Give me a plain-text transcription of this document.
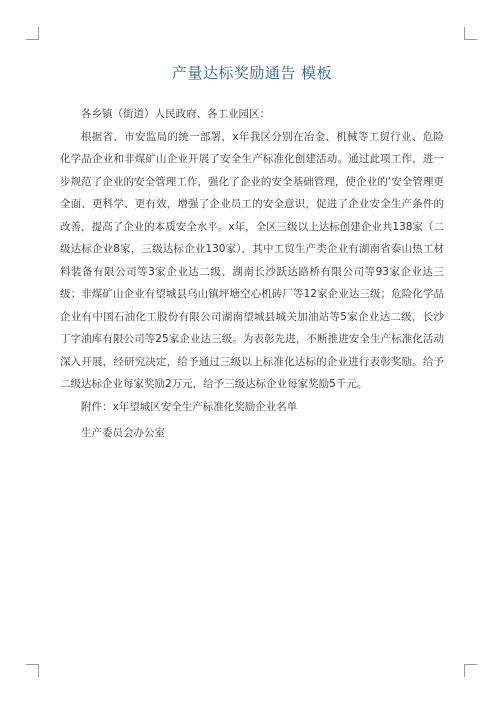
产量达标奖励通告 模板

各乡镇（街道）人民政府、各工业园区：

根据省、市安监局的统一部署，x年我区分别在冶金、机械等工贸行业、危险化学品企业和非煤矿山企业开展了安全生产标准化创建活动。通过此项工作，进一步规范了企业的安全管理工作，强化了企业的安全基础管理，使企业的‘安全管理更全面、更科学、更有效，增强了企业员工的安全意识，促进了企业安全生产条件的改善，提高了企业的本质安全水平。x年，全区三级以上达标创建企业共138家（二级达标企业8家，三级达标企业130家），其中工贸生产类企业有湖南省泰山热工材料装备有限公司等3家企业达二级、湖南长沙跃达路桥有限公司等93家企业达三级；非煤矿山企业有望城县乌山镇坪塘空心机砖厂等12家企业达三级；危险化学品企业有中国石油化工股份有限公司湖南望城县城关加油站等5家企业达二级，长沙丁字油库有限公司等25家企业达三级。为表彰先进，不断推进安全生产标准化活动深入开展，经研究决定，给予通过三级以上标准化达标的企业进行表彰奖励。给予二级达标企业每家奖励2万元，给予三级达标企业每家奖励5千元。

附件：x年望城区安全生产标准化奖励企业名单

生产委员会办公室
